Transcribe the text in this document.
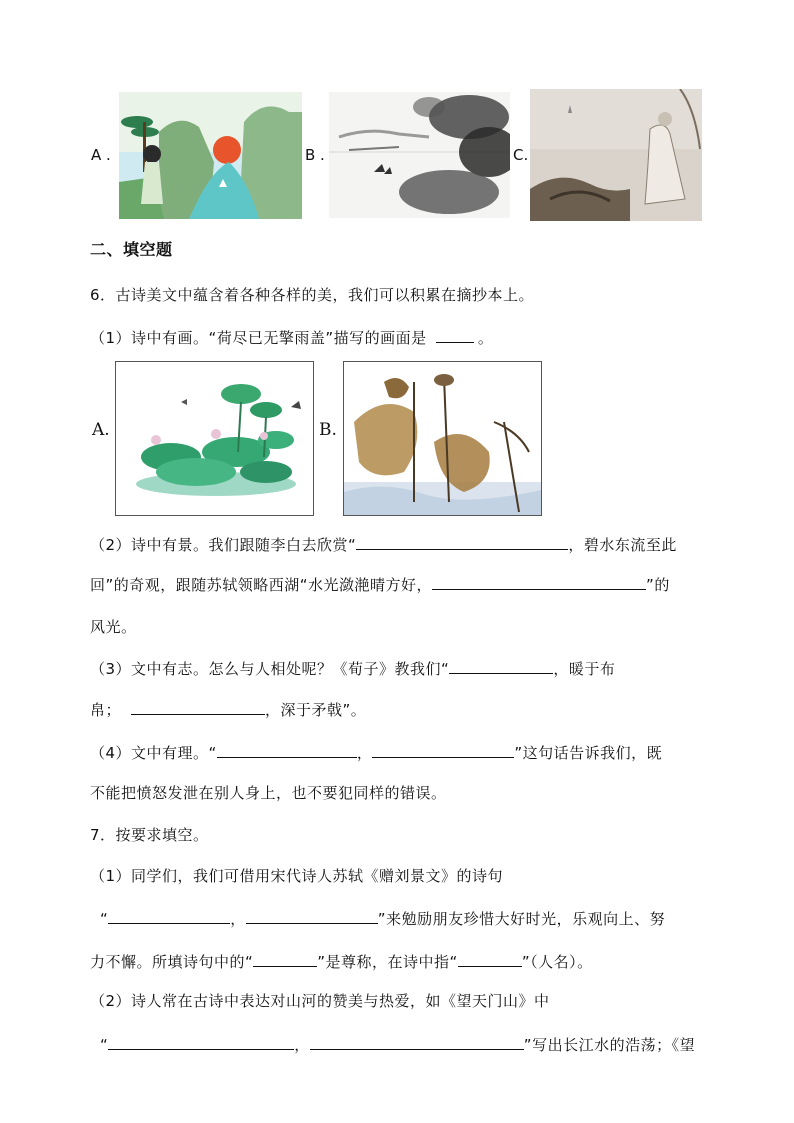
A .	B .	C.
二、填空题
6．古诗美文中蕴含着各种各样的美，我们可以积累在摘抄本上。
（1）诗中有画。“荷尽已无擎雨盖”描写的画面是	。
A.	B.
（2）诗中有景。我们跟随李白去欣赏“	，碧水东流至此
回”的奇观，跟随苏轼领略西湖“水光潋滟晴方好，	”的
风光。
（3）文中有志。怎么与人相处呢？《荀子》教我们“	，暖于布
帛；	，深于矛戟”。
（4）文中有理。“	，	”这句话告诉我们，既
不能把愤怒发泄在别人身上，也不要犯同样的错误。
7．按要求填空。
（1）同学们，我们可借用宋代诗人苏轼《赠刘景文》的诗句
“	，	”来勉励朋友珍惜大好时光，乐观向上、努
力不懈。所填诗句中的“	”是尊称，在诗中指“	”（人名）。
（2）诗人常在古诗中表达对山河的赞美与热爱，如《望天门山》中
“	，	”写出长江水的浩荡；《望
